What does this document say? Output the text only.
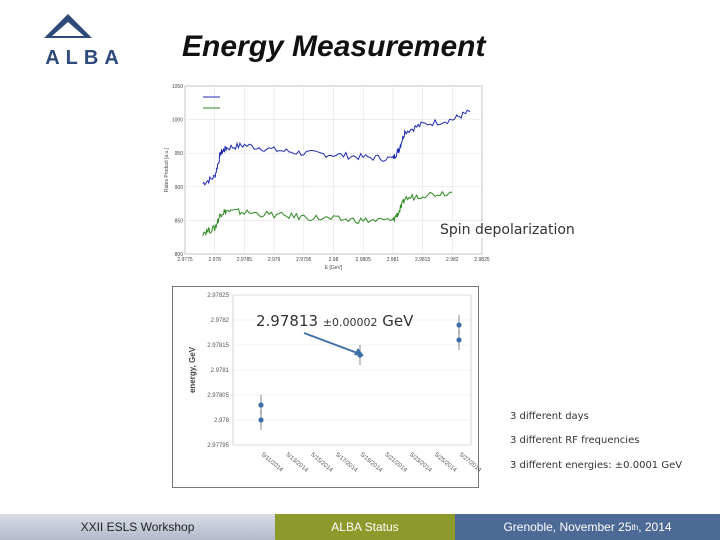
ALBA Energy Measurement
800
850
900
950
1000
1050
2.9775	2.978	2.9785	2.979	2.9795	2.98	2.9805	2.981	2.9815	2.982	2.9825
E [GeV]
Rates Product [a.u.]
2.97825
2.9782
2.97815
2.9781
2.97805
2.978
2.97795
5/11/2014 5/13/2014 5/15/2014 5/17/2014 5/19/2014 5/21/2014 5/23/2014 5/25/2014 5/27/2014
energy, GeV
Spin depolarization
2.97813 ±0.00002 GeV
3 different days
3 different RF frequencies
3 different energies: ±0.0001 GeV
XXII ESLS Workshop	ALBA Status	Grenoble, November 25 th , 2014
